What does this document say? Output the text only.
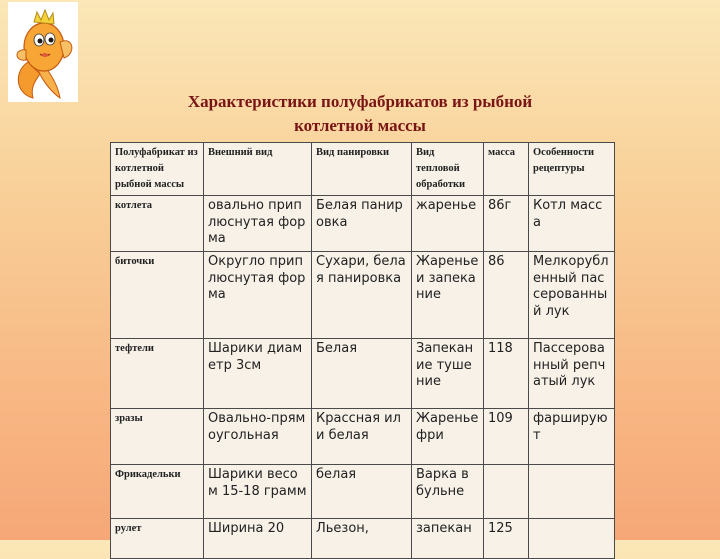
Характеристики полуфабрикатов из рыбной
котлетной массы
Полуфабрикат из котлетной рыбной массы	Внешний вид	Вид панировки	Вид тепловой обработки	масса	Особенности рецептуры
котлета	овально приплюснутая форма	Белая панировка	жаренье	86г	Котл масса
биточки	Округло приплюснутая форма	Сухари, белая панировка	Жаренье и запекание	86	Мелкорубленный пассерованный лук
тефтели	Шарики диаметр 3см	Белая	Запекание тушение	118	Пассерованный репчатый лук
зразы	Овально-прямоугольная	Красcная или белая	Жаренье фри	109	фаршируют
Фрикадельки	Шарики весом 15-18 грамм	белая	Варка в бульне		
рулет	Ширина 20	Льезон,	запекан	125	
